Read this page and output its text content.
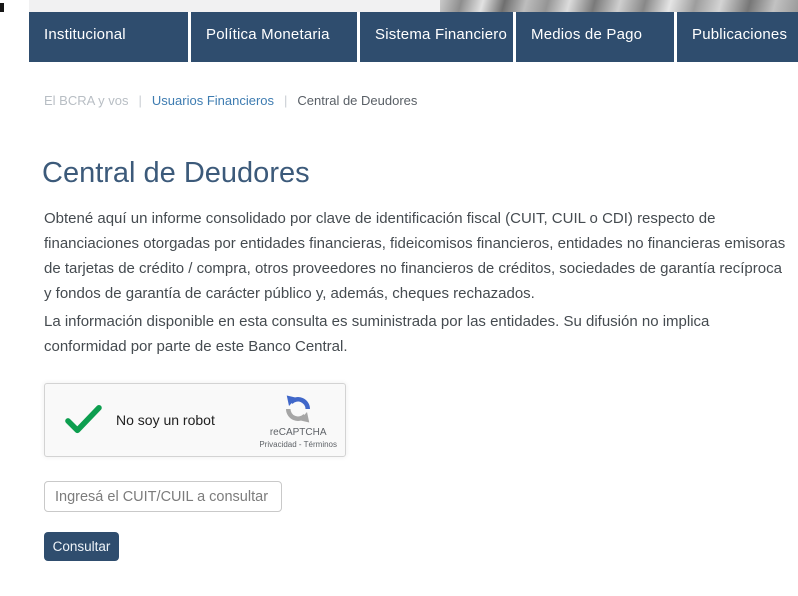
Institucional	Política Monetaria	Sistema Financiero	Medios de Pago	Publicaciones
El BCRA y vos | Usuarios Financieros | Central de Deudores
Central de Deudores

Obtené aquí un informe consolidado por clave de identificación fiscal (CUIT, CUIL o CDI) respecto de financiaciones otorgadas por entidades financieras, fideicomisos financieros, entidades no financieras emisoras de tarjetas de crédito / compra, otros proveedores no financieros de créditos, sociedades de garantía recíproca y fondos de garantía de carácter público y, además, cheques rechazados.

La información disponible en esta consulta es suministrada por las entidades. Su difusión no implica conformidad por parte de este Banco Central.

No soy un robot
reCAPTCHA
Privacidad - Términos
Ingresá el CUIT/CUIL a consultar
Consultar
